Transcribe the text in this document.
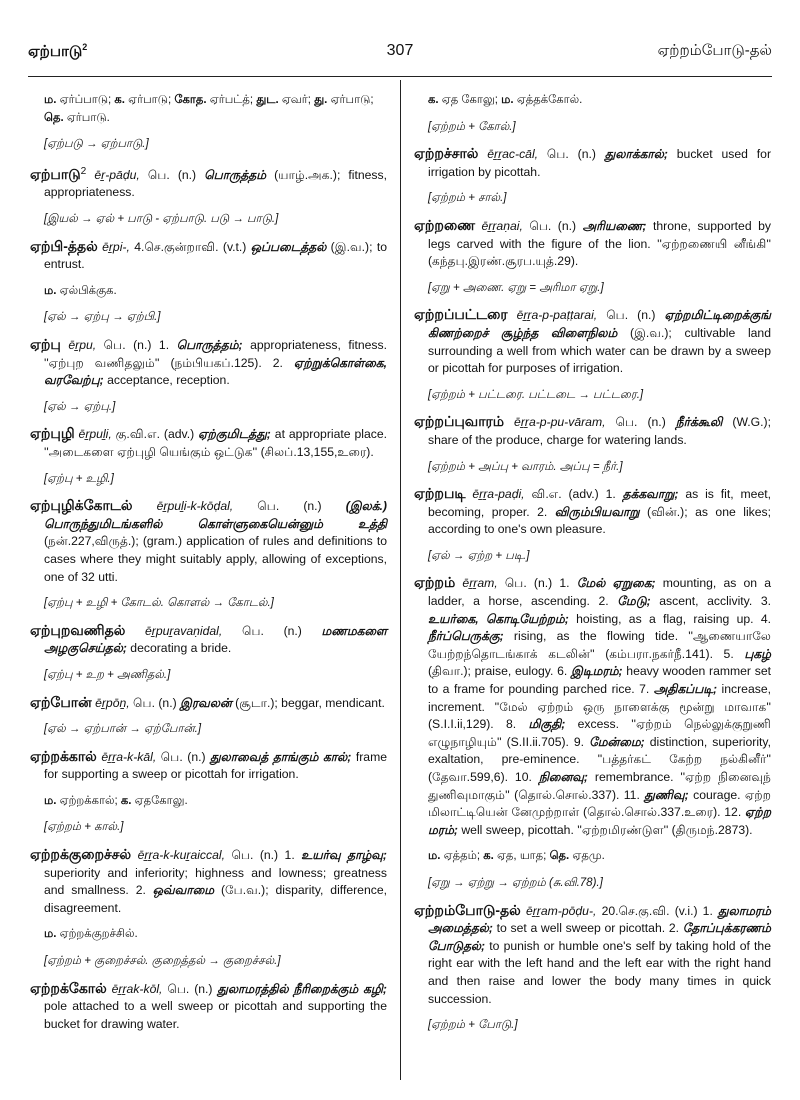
ஏற்பாடு$^2$	307	ஏற்றம்போடு-தல்
ம. ஏர்ப்பாடு; க. ஏர்பாடு; கோத. ஏர்பட்த்; துட. ஏவர்; து. ஏர்பாடு; தெ. ஏர்பாடு.
[ஏற்படு → ஏற்பாடு.]
ஏற்பாடு$^2$ ēṟ-pāḍu, பெ. (n.) பொருத்தம் (யாழ்.அக.); fitness, appropriateness.
[இயல் → ஏல் + பாடு - ஏற்பாடு. படு → பாடு.]
ஏற்பி-த்தல் ēṟpi-, 4.செ.குன்றாவி. (v.t.) ஒப்படைத்தல் (இ.வ.); to entrust.
ம. ஏல்பிக்குக.
[ஏல் → ஏற்பு → ஏற்பி.]
ஏற்பு ēṟpu, பெ. (n.) 1. பொருத்தம்; appropriateness, fitness. ''ஏற்புற வணிதலும்'' (நம்பியகப்.125). 2. ஏற்றுக்கொள்கை, வரவேற்பு; acceptance, reception.
[ஏல் → ஏற்பு.]
ஏற்புழி ēṟpuḻi, கு.வி.எ. (adv.) ஏற்குமிடத்து; at appropriate place. ''அடைகளை ஏற்புழி யெங்கும் ஒட்டுக'' (சிலப்.13,155,உரை).
[ஏற்பு + உழி.]
ஏற்புழிக்கோடல் ēṟpuḻi-k-kōḍal, பெ. (n.) (இலக்.) பொருந்துமிடங்களில் கொள்ளுகையென்னும் உத்தி (நன்.227,விருத்.); (gram.) application of rules and definitions to cases where they might suitably apply, allowing of exceptions, one of 32 utti.
[ஏற்பு + உழி + கோடல். கொளல் → கோடல்.]
ஏற்புறவணிதல் ēṟpuṟavaṇidal, பெ. (n.) மணமகளை அழகுசெய்தல்; decorating a bride.
[ஏற்பு + உற + அணிதல்.]
ஏற்போன் ēṟpōṉ, பெ. (n.) இரவலன் (சூடா.); beggar, mendicant.
[ஏல் → ஏற்பான் → ஏற்போன்.]
ஏற்றக்கால் ēṟṟa-k-kāl, பெ. (n.) துலாவைத் தாங்கும் கால்; frame for supporting a sweep or picottah for irrigation.
ம. ஏற்றக்கால்; க. ஏதகோலு.
[ஏற்றம் + கால்.]
ஏற்றக்குறைச்சல் ēṟṟa-k-kuṟaiccal, பெ. (n.) 1. உயர்வு தாழ்வு; superiority and inferiority; highness and lowness; greatness and smallness. 2. ஒவ்வாமை (பே.வ.); disparity, difference, disagreement.
ம. ஏற்றக்குறச்சில்.
[ஏற்றம் + குறைச்சல். குறைத்தல் → குறைச்சல்.]
ஏற்றக்கோல் ēṟṟak-kōl, பெ. (n.) துலாமரத்தில் நீரிறைக்கும் கழி; pole attached to a well sweep or picottah and supporting the bucket for drawing water.
க. ஏத கோலு; ம. ஏத்தக்கோல்.
[ஏற்றம் + கோல்.]
ஏற்றச்சால் ēṟṟac-cāl, பெ. (n.) துலாக்கால்; bucket used for irrigation by picottah.
[ஏற்றம் + சால்.]
ஏற்றணை ēṟṟaṇai, பெ. (n.) அரியணை; throne, supported by legs carved with the figure of the lion. ''ஏற்றணையி னீங்கி'' (கந்தபு.இரண்.சூரப.யுத்.29).
[ஏறு + அணை. ஏறு = அரிமா ஏறு.]
ஏற்றப்பட்டரை ēṟṟa-p-paṭṭarai, பெ. (n.) ஏற்றமிட்டிறைக்குங் கிணற்றைச் சூழ்ந்த விளைநிலம் (இ.வ.); cultivable land surrounding a well from which water can be drawn by a sweep or picottah for purposes of irrigation.
[ஏற்றம் + பட்டரை. பட்டடை → பட்டரை.]
ஏற்றப்புவாரம் ēṟṟa-p-pu-vāram, பெ. (n.) நீர்க்கூலி (W.G.); share of the produce, charge for watering lands.
[ஏற்றம் + அப்பு + வாரம். அப்பு = நீர்.]
ஏற்றபடி ēṟṟa-paḍi, வி.எ. (adv.) 1. தக்கவாறு; as is fit, meet, becoming, proper. 2. விரும்பியவாறு (வின்.); as one likes; according to one's own pleasure.
[ஏல் → ஏற்ற + படி.]
ஏற்றம் ēṟṟam, பெ. (n.) 1. மேல் ஏறுகை; mounting, as on a ladder, a horse, ascending. 2. மேடு; ascent, acclivity. 3. உயர்கை, கொடியேற்றம்; hoisting, as a flag, raising up. 4. நீர்ப்பெருக்கு; rising, as the flowing tide. ''ஆணையாலே யேற்றந்தொடங்காக் கடலின்'' (கம்பரா.நகர்நீ.141). 5. புகழ் (திவா.); praise, eulogy. 6. இடிமரம்; heavy wooden rammer set to a frame for pounding parched rice. 7. அதிகப்படி; increase, increment. ''மேல் ஏற்றம் ஒரு நாளைக்கு மூன்று மாவாக'' (S.I.I.ii,129). 8. மிகுதி; excess. ''ஏற்றம் நெல்லுக்குறுணி எழுநாழியும்'' (S.II.ii.705). 9. மேன்மை; distinction, superiority, exaltation, pre-eminence. ''பத்தர்கட் கேற்ற நல்கினீர்'' (தேவா.599,6). 10. நினைவு; remembrance. ''ஏற்ற நினைவுந் துணிவுமாகும்'' (தொல்.சொல்.337). 11. துணிவு; courage. ஏற்ற மிலாட்டியென் னேமுற்றாள் (தொல்.சொல்.337.உரை). 12. ஏற்ற மரம்; well sweep, picottah. ''ஏற்றமிரண்டுள'' (திருமந்.2873).
ம. ஏத்தம்; க. ஏத, யாத; தெ. ஏதமு.
[ஏறு → ஏற்று → ஏற்றம் (சு.வி.78).]
ஏற்றம்போடு-தல் ēṟṟam-pōḍu-, 20.செ.கு.வி. (v.i.) 1. துலாமரம் அமைத்தல்; to set a well sweep or picottah. 2. தோப்புக்கரணம் போடுதல்; to punish or humble one's self by taking hold of the right ear with the left hand and the left ear with the right hand and then raise and lower the body many times in quick succession.
[ஏற்றம் + போடு.]
